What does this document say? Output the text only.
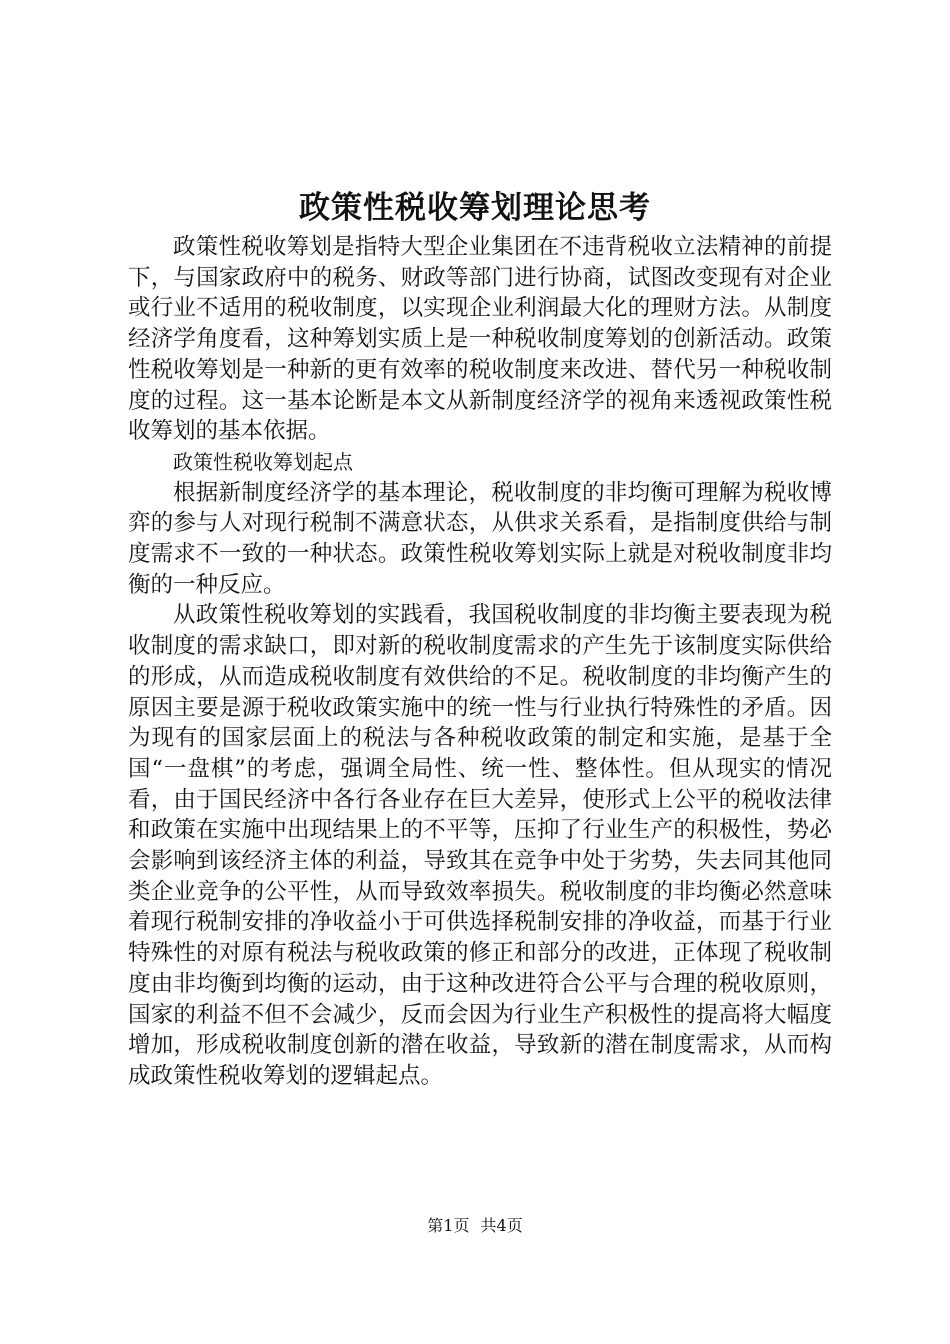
政策性税收筹划理论思考

政策性税收筹划是指特大型企业集团在不违背税收立法精神的前提下，与国家政府中的税务、财政等部门进行协商，试图改变现有对企业或行业不适用的税收制度，以实现企业利润最大化的理财方法。从制度经济学角度看，这种筹划实质上是一种税收制度筹划的创新活动。政策性税收筹划是一种新的更有效率的税收制度来改进、替代另一种税收制度的过程。这一基本论断是本文从新制度经济学的视角来透视政策性税收筹划的基本依据。

政策性税收筹划起点

根据新制度经济学的基本理论，税收制度的非均衡可理解为税收博弈的参与人对现行税制不满意状态，从供求关系看，是指制度供给与制度需求不一致的一种状态。政策性税收筹划实际上就是对税收制度非均衡的一种反应。

从政策性税收筹划的实践看，我国税收制度的非均衡主要表现为税收制度的需求缺口，即对新的税收制度需求的产生先于该制度实际供给的形成，从而造成税收制度有效供给的不足。税收制度的非均衡产生的原因主要是源于税收政策实施中的统一性与行业执行特殊性的矛盾。因为现有的国家层面上的税法与各种税收政策的制定和实施，是基于全国“一盘棋”的考虑，强调全局性、统一性、整体性。但从现实的情况看，由于国民经济中各行各业存在巨大差异，使形式上公平的税收法律和政策在实施中出现结果上的不平等，压抑了行业生产的积极性，势必会影响到该经济主体的利益，导致其在竞争中处于劣势，失去同其他同类企业竞争的公平性，从而导致效率损失。税收制度的非均衡必然意味着现行税制安排的净收益小于可供选择税制安排的净收益，而基于行业特殊性的对原有税法与税收政策的修正和部分的改进，正体现了税收制度由非均衡到均衡的运动，由于这种改进符合公平与合理的税收原则，国家的利益不但不会减少，反而会因为行业生产积极性的提高将大幅度增加，形成税收制度创新的潜在收益，导致新的潜在制度需求，从而构成政策性税收筹划的逻辑起点。

第1页 共4页
